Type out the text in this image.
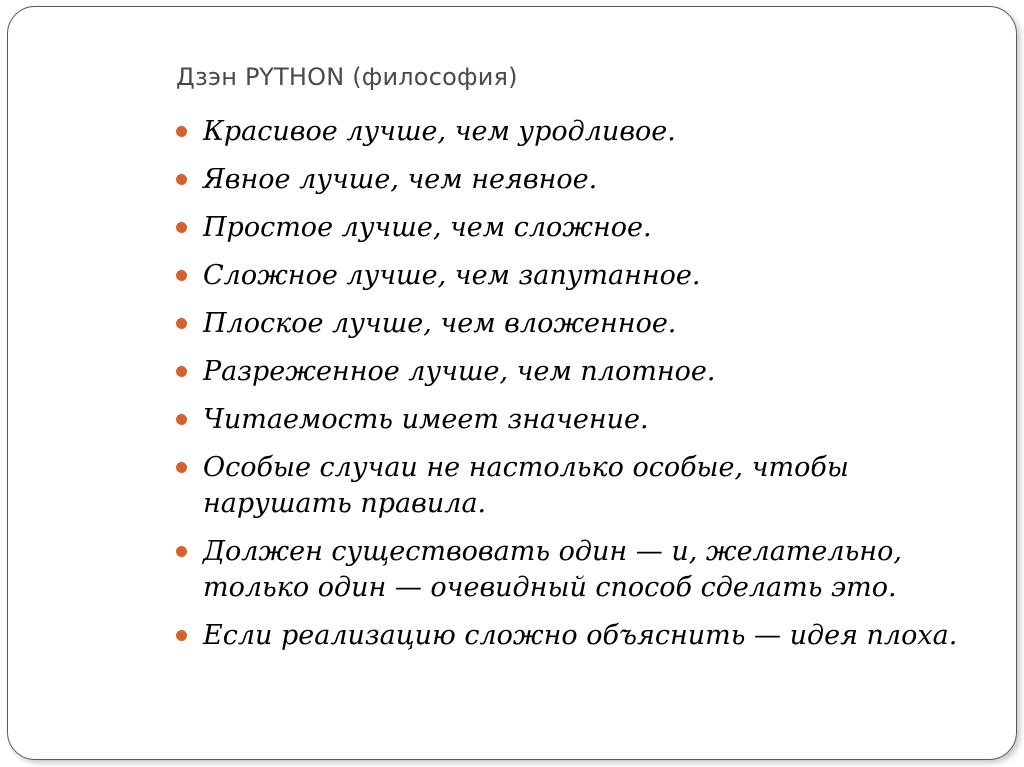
Дзэн PYTHON (философия)
Красивое лучше, чем уродливое.
Явное лучше, чем неявное.
Простое лучше, чем сложное.
Сложное лучше, чем запутанное.
Плоское лучше, чем вложенное.
Разреженное лучше, чем плотное.
Читаемость имеет значение.
Особые случаи не настолько особые, чтобы нарушать правила.
Должен существовать один — и, желательно, только один — очевидный способ сделать это.
Если реализацию сложно объяснить — идея плоха.
